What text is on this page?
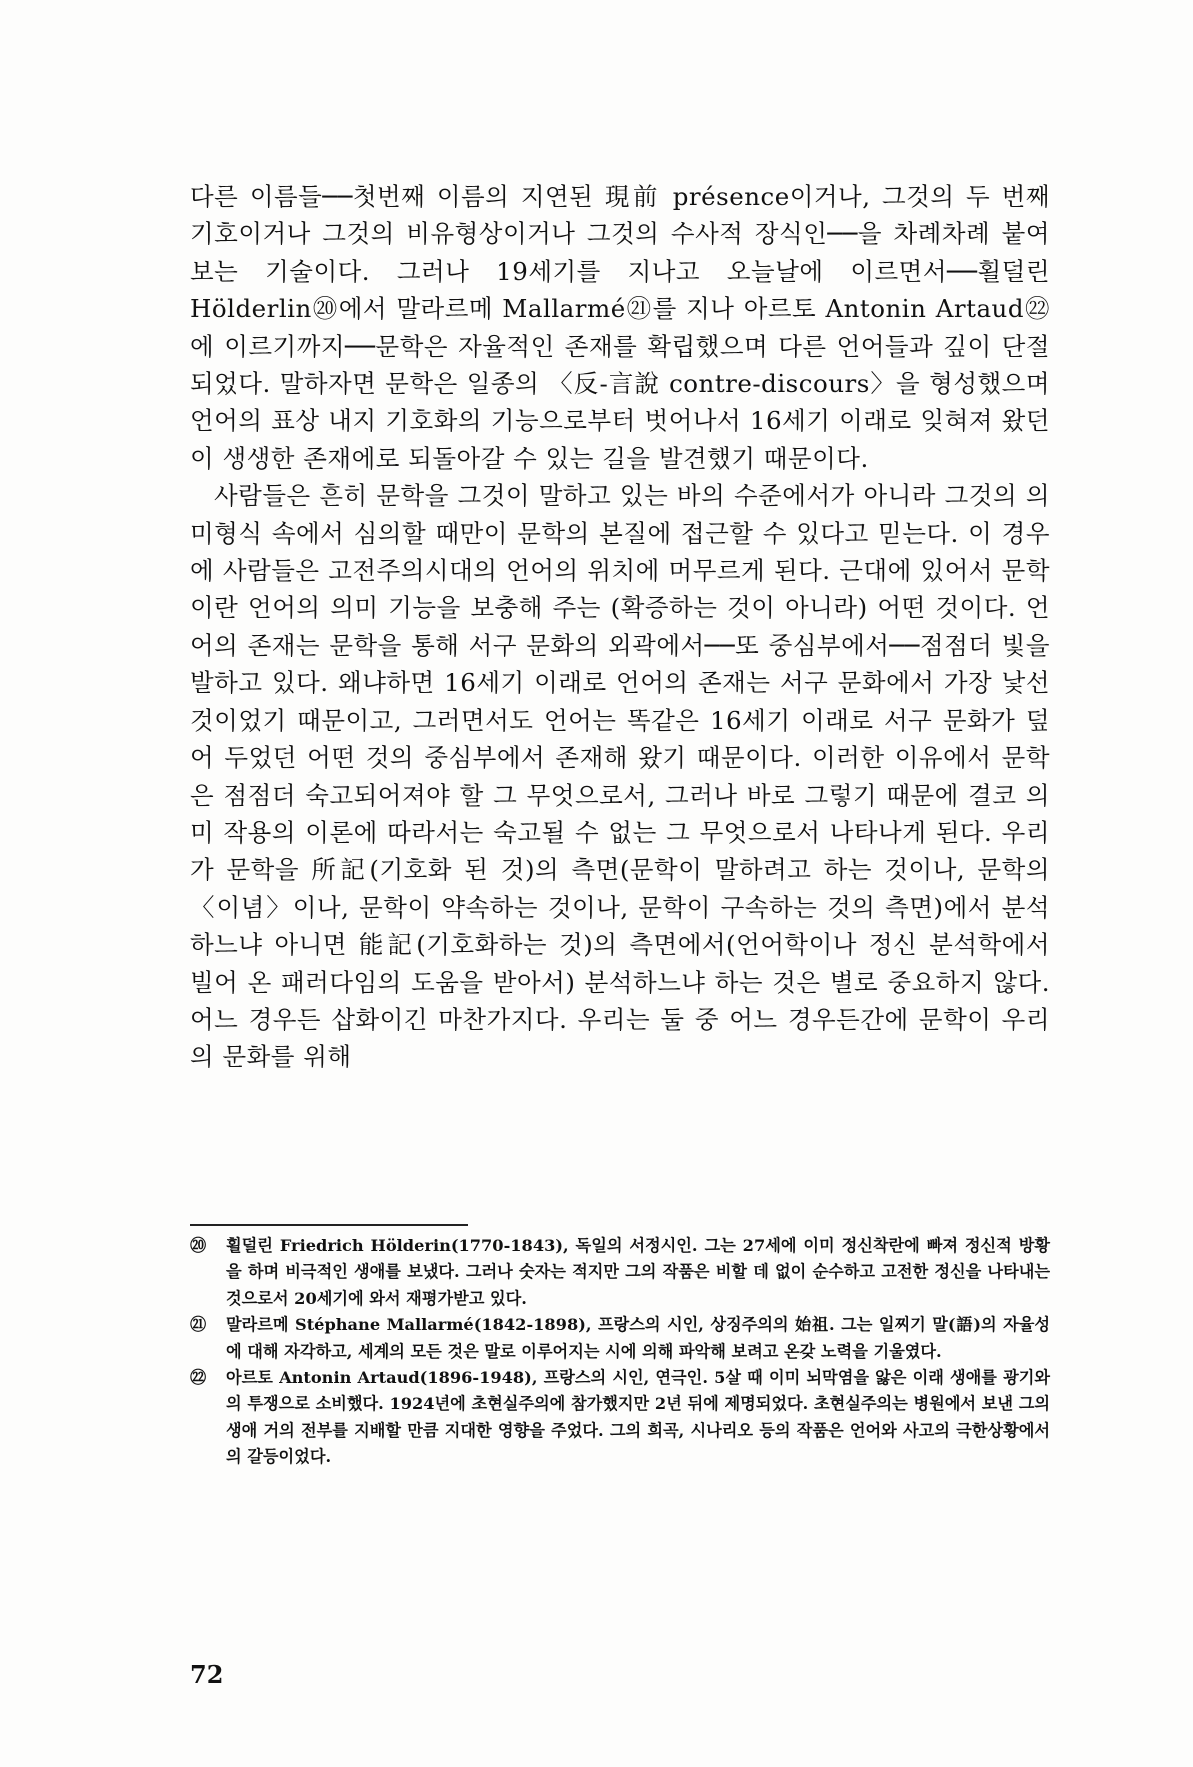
다른 이름들──첫번째 이름의 지연된 現前 présence이거나, 그것의 두 번째 기호이거나 그것의 비유형상이거나 그것의 수사적 장식인──을 차례차례 붙여 보는 기술이다. 그러나 19세기를 지나고 오늘날에 이르면서──횔덜린 Hölderlin⑳에서 말라르메 Mallarmé㉑를 지나 아르토 Antonin Artaud㉒에 이르기까지──문학은 자율적인 존재를 확립했으며 다른 언어들과 깊이 단절되었다. 말하자면 문학은 일종의 〈反-言說 contre-discours〉을 형성했으며 언어의 표상 내지 기호화의 기능으로부터 벗어나서 16세기 이래로 잊혀져 왔던 이 생생한 존재에로 되돌아갈 수 있는 길을 발견했기 때문이다.

사람들은 흔히 문학을 그것이 말하고 있는 바의 수준에서가 아니라 그것의 의미형식 속에서 심의할 때만이 문학의 본질에 접근할 수 있다고 믿는다. 이 경우에 사람들은 고전주의시대의 언어의 위치에 머무르게 된다. 근대에 있어서 문학이란 언어의 의미 기능을 보충해 주는 (확증하는 것이 아니라) 어떤 것이다. 언어의 존재는 문학을 통해 서구 문화의 외곽에서──또 중심부에서──점점더 빛을 발하고 있다. 왜냐하면 16세기 이래로 언어의 존재는 서구 문화에서 가장 낯선 것이었기 때문이고, 그러면서도 언어는 똑같은 16세기 이래로 서구 문화가 덮어 두었던 어떤 것의 중심부에서 존재해 왔기 때문이다. 이러한 이유에서 문학은 점점더 숙고되어져야 할 그 무엇으로서, 그러나 바로 그렇기 때문에 결코 의미 작용의 이론에 따라서는 숙고될 수 없는 그 무엇으로서 나타나게 된다. 우리가 문학을 所記(기호화 된 것)의 측면(문학이 말하려고 하는 것이나, 문학의 〈이념〉이나, 문학이 약속하는 것이나, 문학이 구속하는 것의 측면)에서 분석하느냐 아니면 能記(기호화하는 것)의 측면에서(언어학이나 정신 분석학에서 빌어 온 패러다임의 도움을 받아서) 분석하느냐 하는 것은 별로 중요하지 않다. 어느 경우든 삽화이긴 마찬가지다. 우리는 둘 중 어느 경우든간에 문학이 우리의 문화를 위해

⑳ 횔덜린 Friedrich Hölderin(1770-1843), 독일의 서정시인. 그는 27세에 이미 정신착란에 빠져 정신적 방황을 하며 비극적인 생애를 보냈다. 그러나 숫자는 적지만 그의 작품은 비할 데 없이 순수하고 고전한 정신을 나타내는 것으로서 20세기에 와서 재평가받고 있다.

㉑ 말라르메 Stéphane Mallarmé(1842-1898), 프랑스의 시인, 상징주의의 始祖. 그는 일찌기 말(語)의 자율성에 대해 자각하고, 세계의 모든 것은 말로 이루어지는 시에 의해 파악해 보려고 온갖 노력을 기울였다.

㉒ 아르토 Antonin Artaud(1896-1948), 프랑스의 시인, 연극인. 5살 때 이미 뇌막염을 앓은 이래 생애를 광기와의 투쟁으로 소비했다. 1924년에 초현실주의에 참가했지만 2년 뒤에 제명되었다. 초현실주의는 병원에서 보낸 그의 생애 거의 전부를 지배할 만큼 지대한 영향을 주었다. 그의 희곡, 시나리오 등의 작품은 언어와 사고의 극한상황에서의 갈등이었다.

72
